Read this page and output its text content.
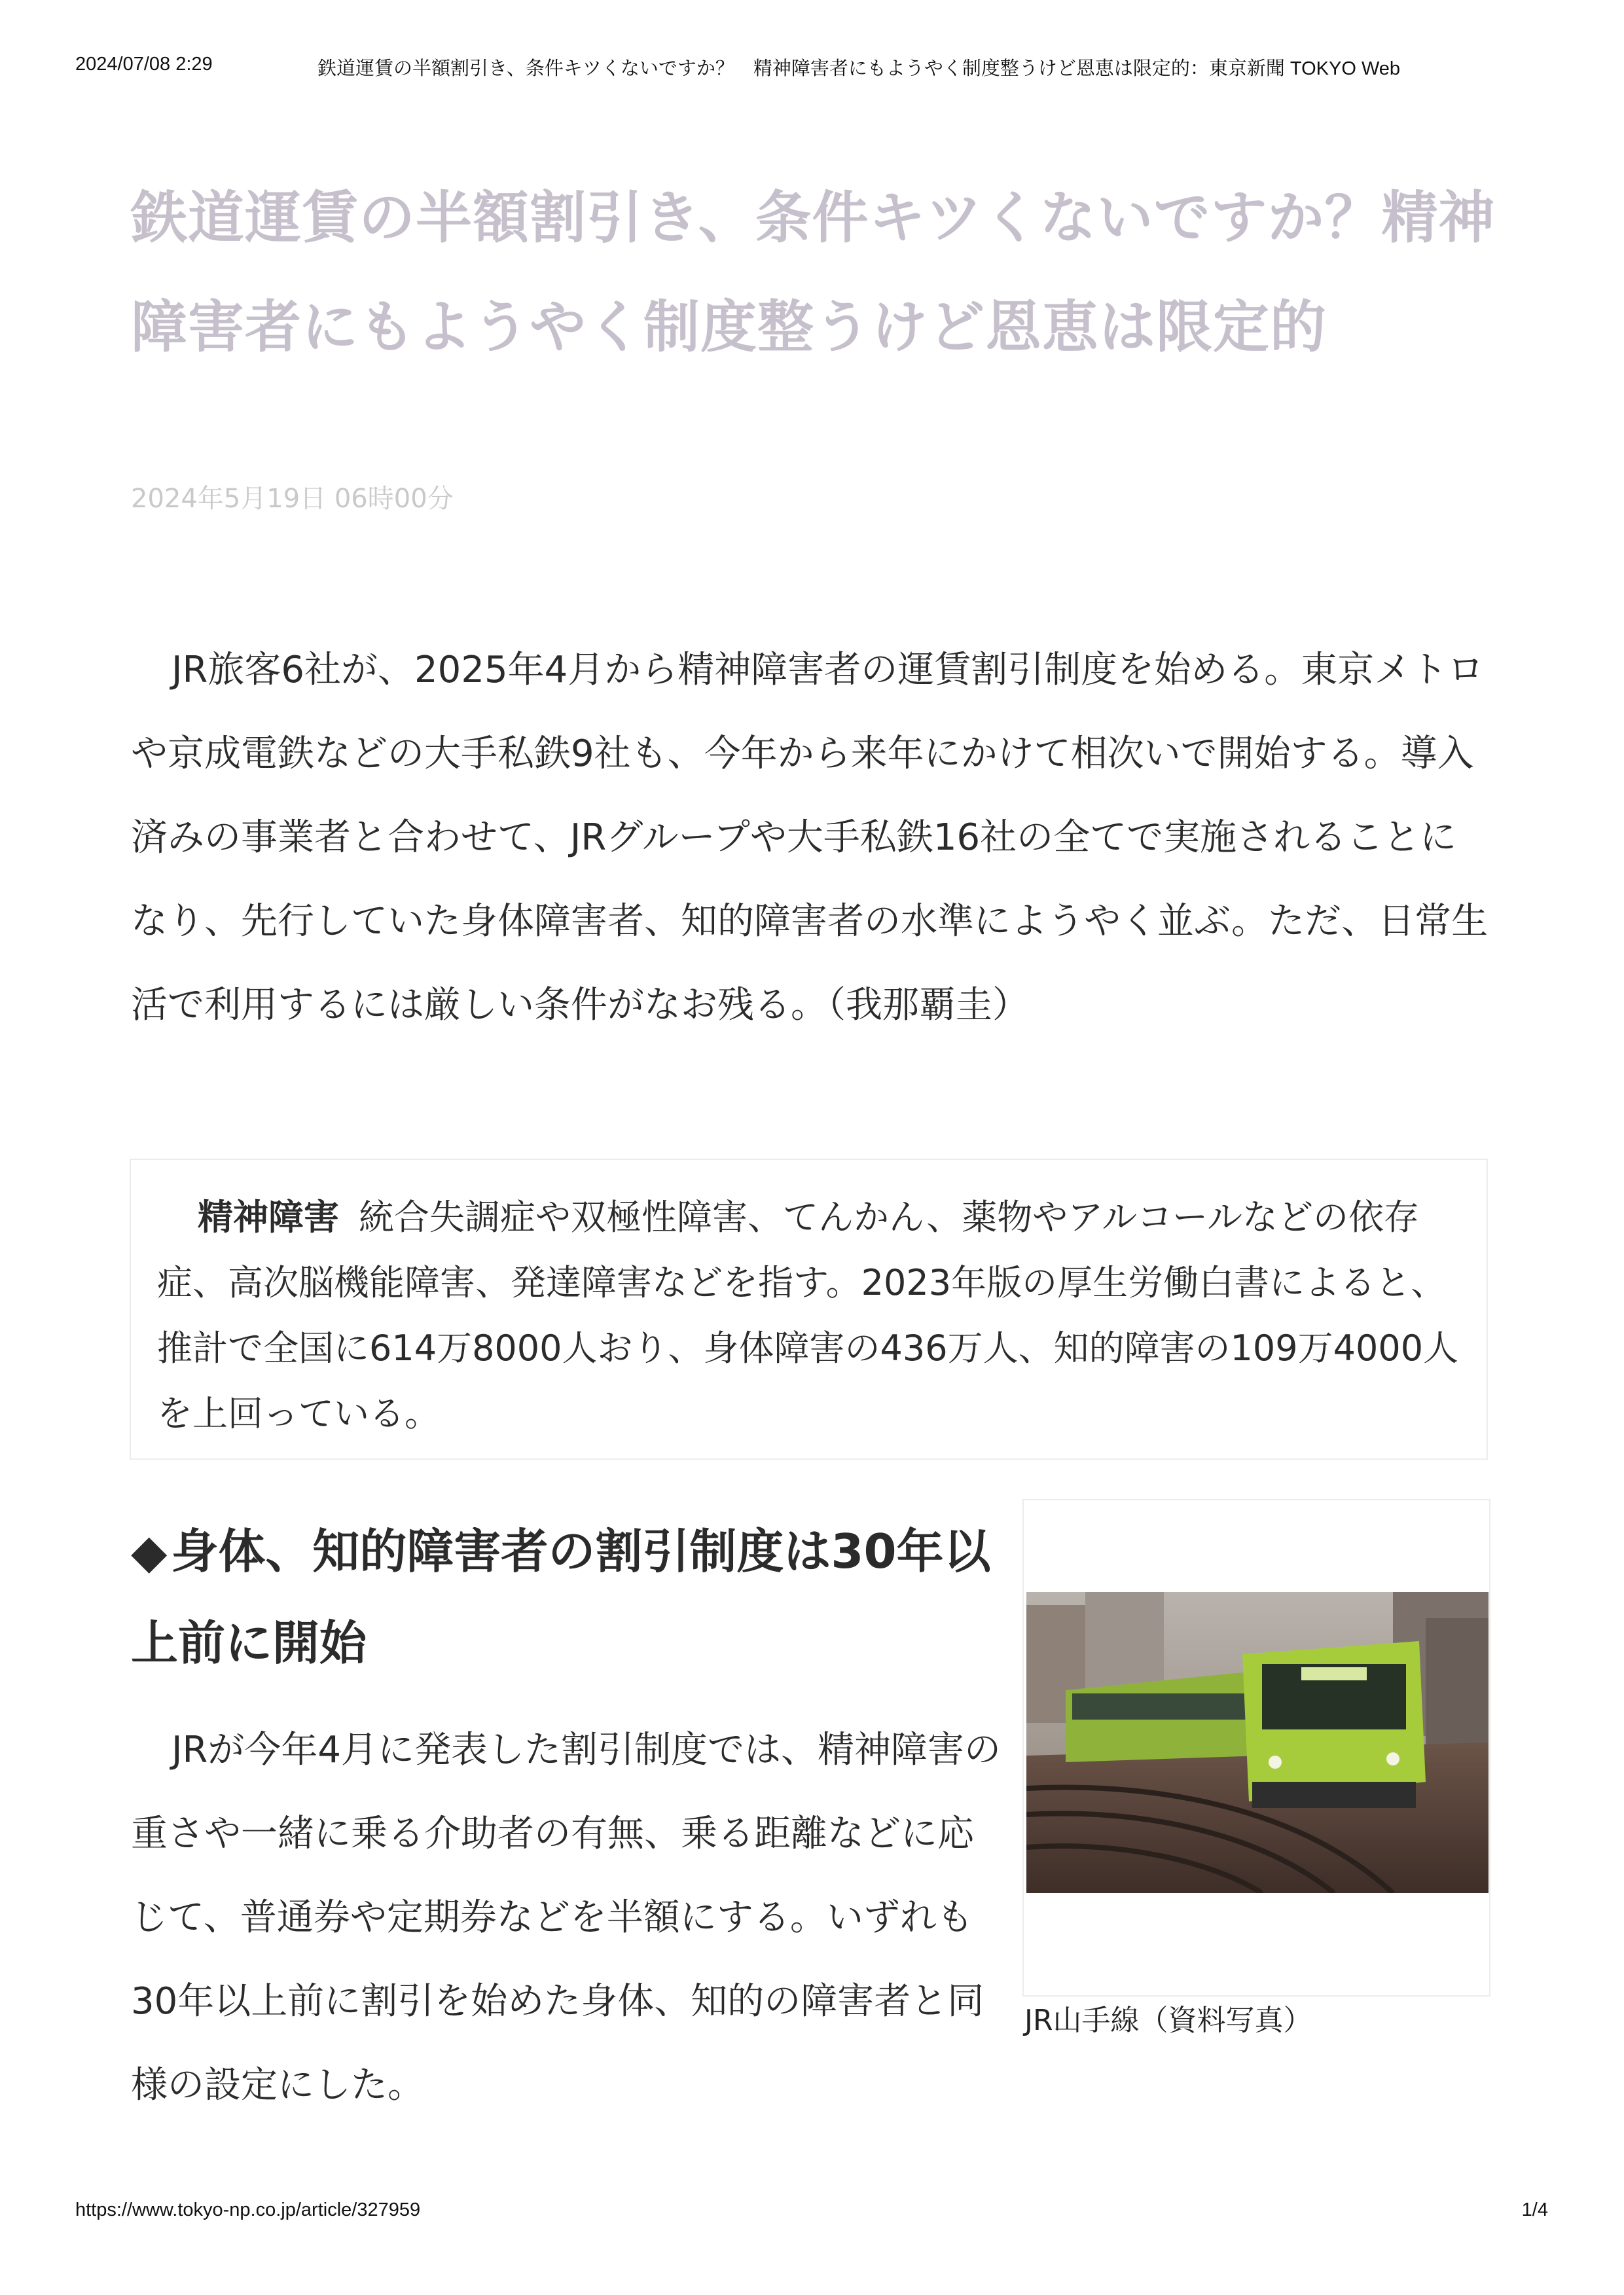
2024/07/08 2:29	鉄道運賃の半額割引き、条件キツくないですか？　精神障害者にもようやく制度整うけど恩恵は限定的：東京新聞 TOKYO Web
鉄道運賃の半額割引き、条件キツくないですか？精神障害者にもようやく制度整うけど恩恵は限定的
2024年5月19日 06時00分

JR旅客6社が、2025年4月から精神障害者の運賃割引制度を始める。東京メトロや京成電鉄などの大手私鉄9社も、今年から来年にかけて相次いで開始する。導入済みの事業者と合わせて、JRグループや大手私鉄16社の全てで実施されることになり、先行していた身体障害者、知的障害者の水準にようやく並ぶ。ただ、日常生活で利用するには厳しい条件がなお残る。（我那覇圭）

精神障害 統合失調症や双極性障害、てんかん、薬物やアルコールなどの依存症、高次脳機能障害、発達障害などを指す。2023年版の厚生労働白書によると、推計で全国に614万8000人おり、身体障害の436万人、知的障害の109万4000人を上回っている。

◆身体、知的障害者の割引制度は30年以上前に開始

JRが今年4月に発表した割引制度では、精神障害の重さや一緒に乗る介助者の有無、乗る距離などに応じて、普通券や定期券などを半額にする。いずれも30年以上前に割引を始めた身体、知的の障害者と同様の設定にした。

JR山手線（資料写真）
https://www.tokyo-np.co.jp/article/327959	1/4
